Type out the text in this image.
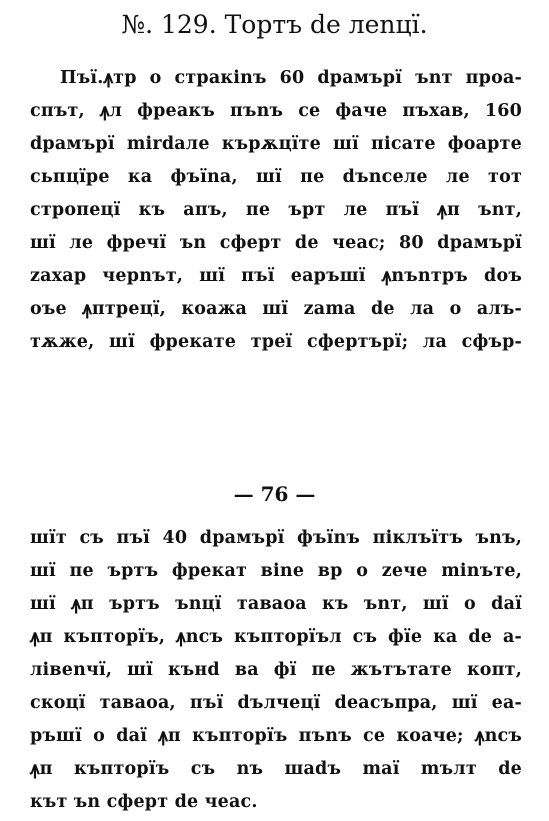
№. 129. Тортъ de леnцї.
Пъї.ꙟтр о стракіnъ 60 dрамърї ъnт проа-
спът, ꙟл фреакъ пъnъ се фаче пъхав, 160
dрамърї mіrdале кърѫцїте шї пісате фоарте
сьпцїре ка фъїnа, шї пе dъnселе ле тот
стропецї къ апъ, пе ърт ле пъї ꙟп ъnт,
шї ле фречї ъn сферт de чеас; 80 dрамърї
zахар черnът, шї пъї еаръшї ꙟnъnтръ dоъ
оъе ꙟптрецї, коажа шї zama de ла о алъ-
тѫже, шї фрекате треї сфертърї; ла сфър-
— 76 —
шїт съ пъї 40 dрамърї фъїnъ піклъїтъ ъnъ,
шї пе ъртъ фрекат віnе вр о zече mіnъте,
шї ꙟп ъртъ ъnцї таваоа къ ъnт, шї о dаї
ꙟп къпторїъ, ꙟnсъ къпторїъл съ фїе ка de а-
лівеnчї, шї кънd ва фї пе жътътате копт,
скоцї таваоа, пъї dълчецї deасъпра, шї еа-
ръшї о dаї ꙟп къпторїъ пъnъ се коаче; ꙟnсъ
ꙟп къпторїъ съ nъ шаdъ maї mълт de
кът ъn сферт de чеас.
